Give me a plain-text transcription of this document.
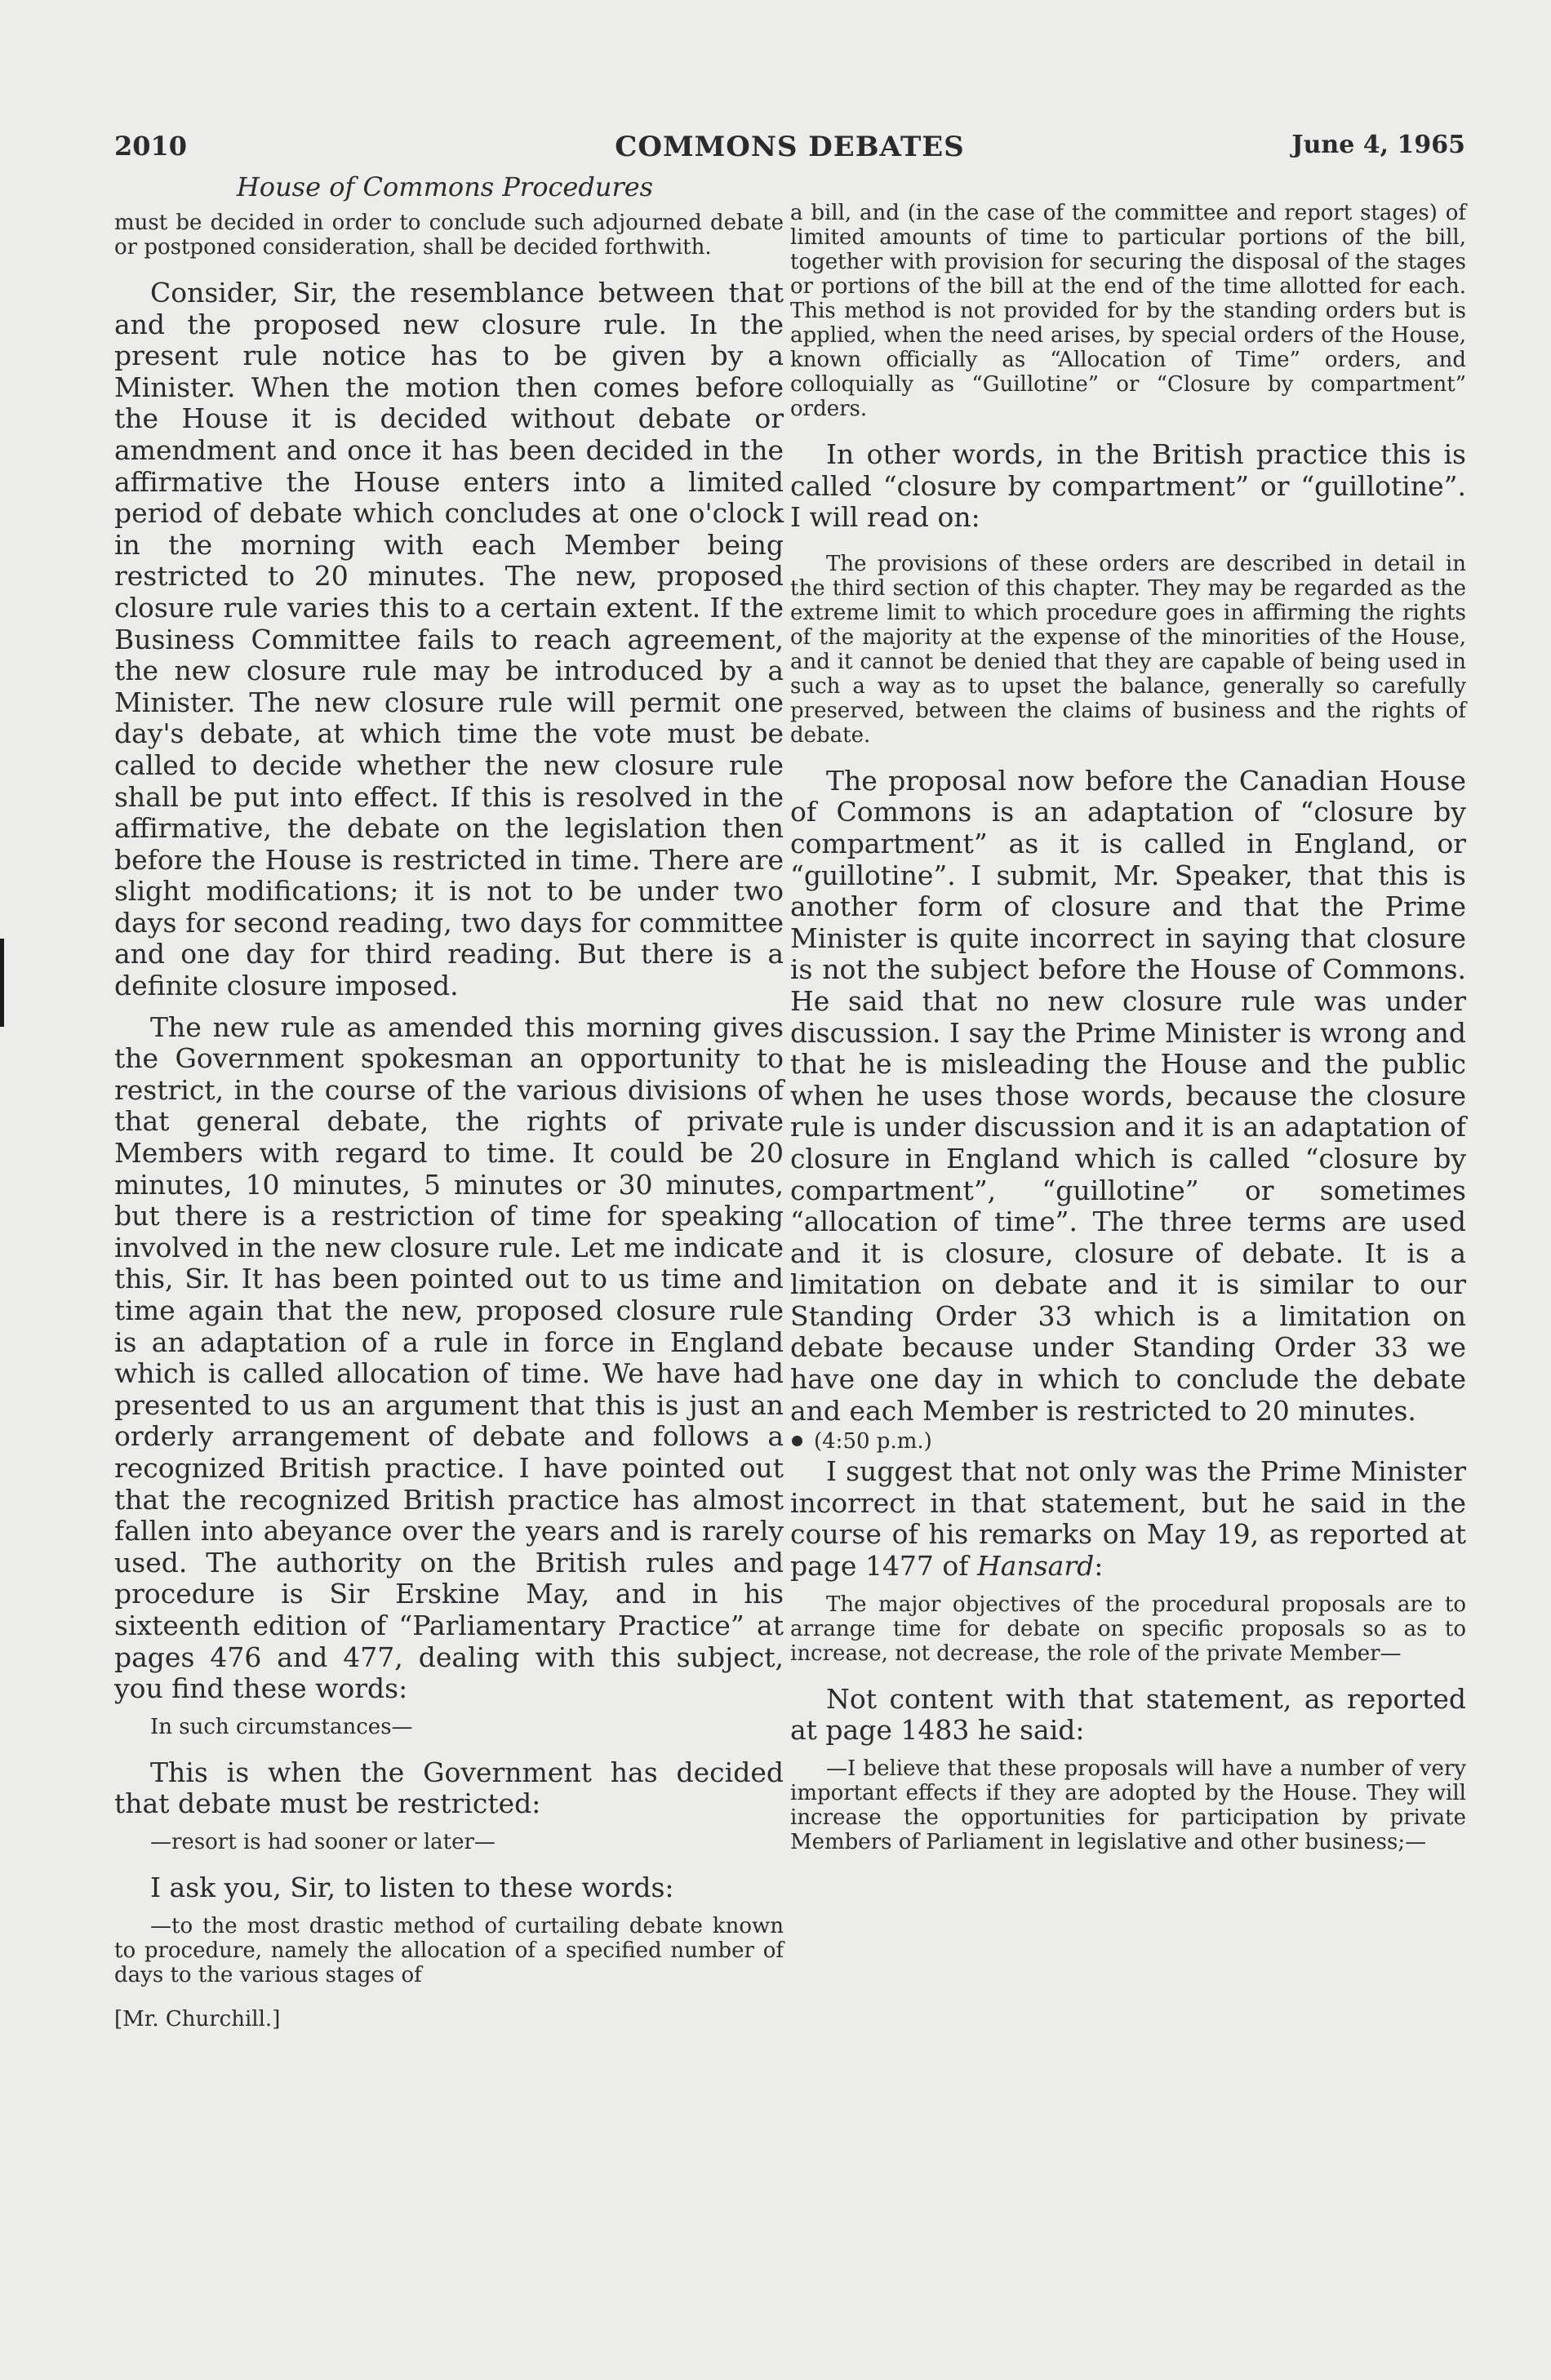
2010	COMMONS DEBATES	June 4, 1965
House of Commons Procedures

must be decided in order to conclude such adjourned debate or postponed consideration, shall be decided forthwith.

Consider, Sir, the resemblance between that and the proposed new closure rule. In the present rule notice has to be given by a Minister. When the motion then comes before the House it is decided without debate or amendment and once it has been decided in the affirmative the House enters into a limited period of debate which concludes at one o'clock in the morning with each Member being restricted to 20 minutes. The new, proposed closure rule varies this to a certain extent. If the Business Committee fails to reach agreement, the new closure rule may be introduced by a Minister. The new closure rule will permit one day's debate, at which time the vote must be called to decide whether the new closure rule shall be put into effect. If this is resolved in the affirmative, the debate on the legislation then before the House is restricted in time. There are slight modifications; it is not to be under two days for second reading, two days for committee and one day for third reading. But there is a definite closure imposed.

The new rule as amended this morning gives the Government spokesman an opportunity to restrict, in the course of the various divisions of that general debate, the rights of private Members with regard to time. It could be 20 minutes, 10 minutes, 5 minutes or 30 minutes, but there is a restriction of time for speaking involved in the new closure rule. Let me indicate this, Sir. It has been pointed out to us time and time again that the new, proposed closure rule is an adaptation of a rule in force in England which is called allocation of time. We have had presented to us an argument that this is just an orderly arrangement of debate and follows a recognized British practice. I have pointed out that the recognized British practice has almost fallen into abeyance over the years and is rarely used. The authority on the British rules and procedure is Sir Erskine May, and in his sixteenth edition of “Parliamentary Practice” at pages 476 and 477, dealing with this subject, you find these words:

In such circumstances—

This is when the Government has decided that debate must be restricted:

—resort is had sooner or later—

I ask you, Sir, to listen to these words:

—to the most drastic method of curtailing debate known to procedure, namely the allocation of a specified number of days to the various stages of

[Mr. Churchill.]

a bill, and (in the case of the committee and report stages) of limited amounts of time to particular portions of the bill, together with provision for securing the disposal of the stages or portions of the bill at the end of the time allotted for each. This method is not provided for by the standing orders but is applied, when the need arises, by special orders of the House, known officially as “Allocation of Time” orders, and colloquially as “Guillotine” or “Closure by compartment” orders.

In other words, in the British practice this is called “closure by compartment” or “guillotine”. I will read on:

The provisions of these orders are described in detail in the third section of this chapter. They may be regarded as the extreme limit to which procedure goes in affirming the rights of the majority at the expense of the minorities of the House, and it cannot be denied that they are capable of being used in such a way as to upset the balance, generally so carefully preserved, between the claims of business and the rights of debate.

The proposal now before the Canadian House of Commons is an adaptation of “closure by compartment” as it is called in England, or “guillotine”. I submit, Mr. Speaker, that this is another form of closure and that the Prime Minister is quite incorrect in saying that closure is not the subject before the House of Commons. He said that no new closure rule was under discussion. I say the Prime Minister is wrong and that he is misleading the House and the public when he uses those words, because the closure rule is under discussion and it is an adaptation of closure in England which is called “closure by compartment”, “guillotine” or sometimes “allocation of time”. The three terms are used and it is closure, closure of debate. It is a limitation on debate and it is similar to our Standing Order 33 which is a limitation on debate because under Standing Order 33 we have one day in which to conclude the debate and each Member is restricted to 20 minutes.

(4:50 p.m.)

I suggest that not only was the Prime Minister incorrect in that statement, but he said in the course of his remarks on May 19, as reported at page 1477 of Hansard:

The major objectives of the procedural proposals are to arrange time for debate on specific proposals so as to increase, not decrease, the role of the private Member—

Not content with that statement, as reported at page 1483 he said:

—I believe that these proposals will have a number of very important effects if they are adopted by the House. They will increase the opportunities for participation by private Members of Parliament in legislative and other business;—
